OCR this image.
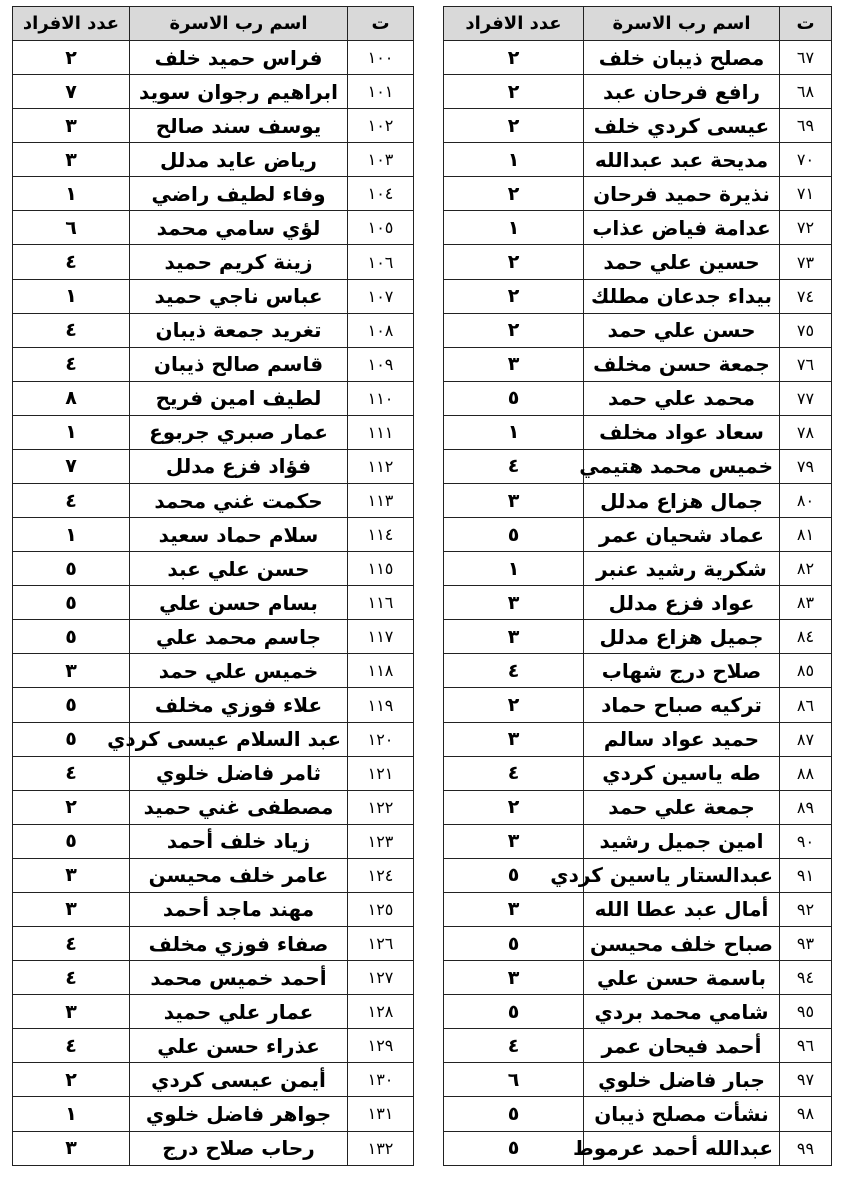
ت	اسم رب الاسرة	عدد الافراد
٦٧	مصلح ذيبان خلف	٢
٦٨	رافع فرحان عبد	٢
٦٩	عيسى كردي خلف	٢
٧٠	مديحة عبد عبدالله	١
٧١	نذيرة حميد فرحان	٢
٧٢	عدامة فياض عذاب	١
٧٣	حسين علي حمد	٢
٧٤	بيداء جدعان مطلك	٢
٧٥	حسن علي حمد	٢
٧٦	جمعة حسن مخلف	٣
٧٧	محمد علي حمد	٥
٧٨	سعاد عواد مخلف	١
٧٩	خميس محمد هتيمي	٤
٨٠	جمال هزاع مدلل	٣
٨١	عماد شحيان عمر	٥
٨٢	شكرية رشيد عنبر	١
٨٣	عواد فزع مدلل	٣
٨٤	جميل هزاع مدلل	٣
٨٥	صلاح درج شهاب	٤
٨٦	تركيه صباح حماد	٢
٨٧	حميد عواد سالم	٣
٨٨	طه ياسين كردي	٤
٨٩	جمعة علي حمد	٢
٩٠	امين جميل رشيد	٣
٩١	عبدالستار ياسين كردي	٥
٩٢	أمال عبد عطا الله	٣
٩٣	صباح خلف محيسن	٥
٩٤	باسمة حسن علي	٣
٩٥	شامي محمد بردي	٥
٩٦	أحمد فيحان عمر	٤
٩٧	جبار فاضل خلوي	٦
٩٨	نشأت مصلح ذيبان	٥
٩٩	عبدالله أحمد عرموط	٥
ت	اسم رب الاسرة	عدد الافراد
١٠٠	فراس حميد خلف	٢
١٠١	ابراهيم رجوان سويد	٧
١٠٢	يوسف سند صالح	٣
١٠٣	رياض عايد مدلل	٣
١٠٤	وفاء لطيف راضي	١
١٠٥	لؤي سامي محمد	٦
١٠٦	زينة كريم حميد	٤
١٠٧	عباس ناجي حميد	١
١٠٨	تغريد جمعة ذيبان	٤
١٠٩	قاسم صالح ذيبان	٤
١١٠	لطيف امين فريح	٨
١١١	عمار صبري جربوع	١
١١٢	فؤاد فزع مدلل	٧
١١٣	حكمت غني محمد	٤
١١٤	سلام حماد سعيد	١
١١٥	حسن علي عبد	٥
١١٦	بسام حسن علي	٥
١١٧	جاسم محمد علي	٥
١١٨	خميس علي حمد	٣
١١٩	علاء فوزي مخلف	٥
١٢٠	عبد السلام عيسى كردي	٥
١٢١	ثامر فاضل خلوي	٤
١٢٢	مصطفى غني حميد	٢
١٢٣	زياد خلف أحمد	٥
١٢٤	عامر خلف محيسن	٣
١٢٥	مهند ماجد أحمد	٣
١٢٦	صفاء فوزي مخلف	٤
١٢٧	أحمد خميس محمد	٤
١٢٨	عمار علي حميد	٣
١٢٩	عذراء حسن علي	٤
١٣٠	أيمن عيسى كردي	٢
١٣١	جواهر فاضل خلوي	١
١٣٢	رحاب صلاح درج	٣
